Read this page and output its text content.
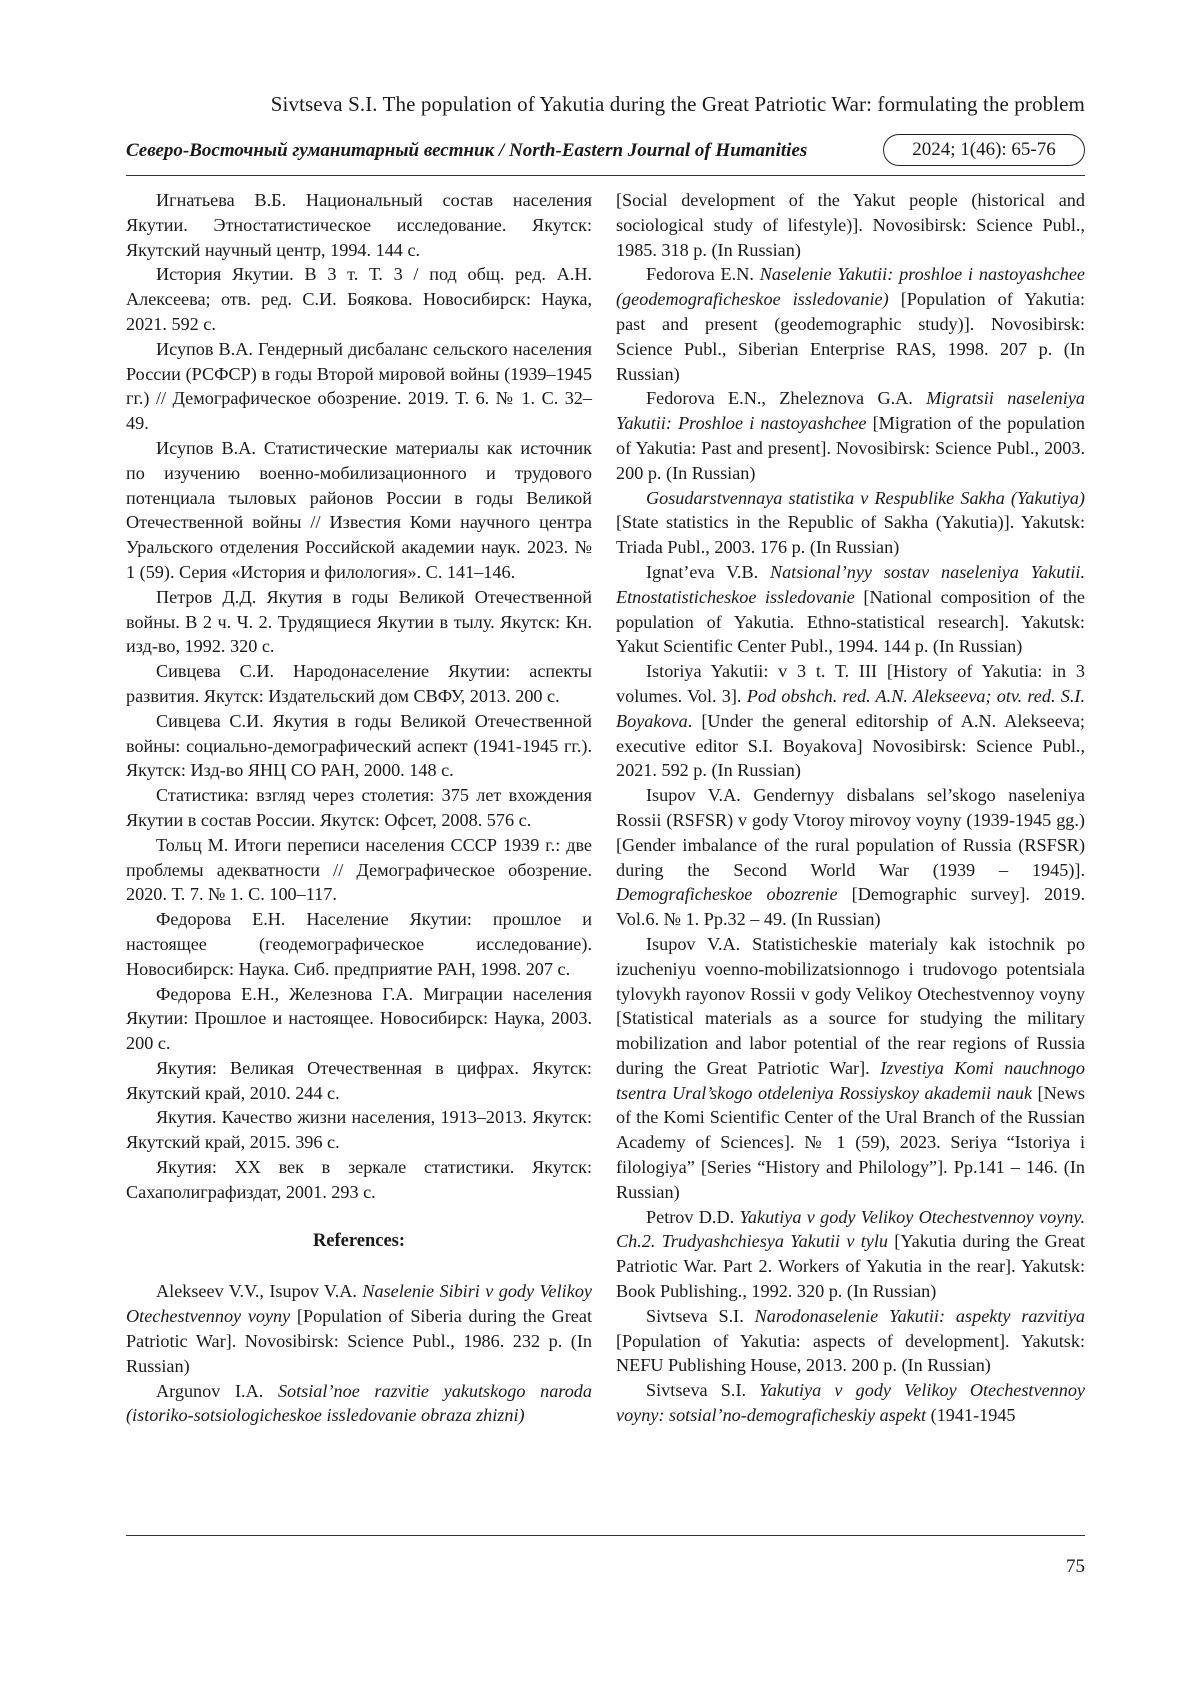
Sivtseva S.I. The population of Yakutia during the Great Patriotic War: formulating the problem
Северо-Восточный гуманитарный вестник / North-Eastern Journal of Humanities	2024; 1(46): 65-76

Игнатьева В.Б. Национальный состав населения Якутии. Этностатистическое исследование. Якутск: Якутский научный центр, 1994. 144 с.

История Якутии. В 3 т. Т. 3 / под общ. ред. А.Н. Алексеева; отв. ред. С.И. Боякова. Новосибирск: Наука, 2021. 592 с.

Исупов В.А. Гендерный дисбаланс сельского населения России (РСФСР) в годы Второй мировой войны (1939–1945 гг.) // Демографическое обозрение. 2019. Т. 6. № 1. С. 32–49.

Исупов В.А. Статистические материалы как источник по изучению военно-мобилизационного и трудового потенциала тыловых районов России в годы Великой Отечественной войны // Известия Коми научного центра Уральского отделения Российской академии наук. 2023. № 1 (59). Серия «История и филология». С. 141–146.

Петров Д.Д. Якутия в годы Великой Отечественной войны. В 2 ч. Ч. 2. Трудящиеся Якутии в тылу. Якутск: Кн. изд-во, 1992. 320 с.

Сивцева С.И. Народонаселение Якутии: аспекты развития. Якутск: Издательский дом СВФУ, 2013. 200 с.

Сивцева С.И. Якутия в годы Великой Отечественной войны: социально-демографический аспект (1941-1945 гг.). Якутск: Изд-во ЯНЦ СО РАН, 2000. 148 с.

Статистика: взгляд через столетия: 375 лет вхождения Якутии в состав России. Якутск: Офсет, 2008. 576 с.

Тольц М. Итоги переписи населения СССР 1939 г.: две проблемы адекватности // Демографическое обозрение. 2020. Т. 7. № 1. С. 100–117.

Федорова Е.Н. Население Якутии: прошлое и настоящее (геодемографическое исследование). Новосибирск: Наука. Сиб. предприятие РАН, 1998. 207 с.

Федорова Е.Н., Железнова Г.А. Миграции населения Якутии: Прошлое и настоящее. Новосибирск: Наука, 2003. 200 с.

Якутия: Великая Отечественная в цифрах. Якутск: Якутский край, 2010. 244 с.

Якутия. Качество жизни населения, 1913–2013. Якутск: Якутский край, 2015. 396 с.

Якутия: XX век в зеркале статистики. Якутск: Сахаполиграфиздат, 2001. 293 с.

References:

Alekseev V.V., Isupov V.A. Naselenie Sibiri v gody Velikoy Otechestvennoy voyny [Population of Siberia during the Great Patriotic War]. Novosibirsk: Science Publ., 1986. 232 p. (In Russian)

Argunov I.A. Sotsial’noe razvitie yakutskogo naroda (istoriko-sotsiologicheskoe issledovanie obraza zhizni)

[Social development of the Yakut people (historical and sociological study of lifestyle)]. Novosibirsk: Science Publ., 1985. 318 p. (In Russian)

Fedorova E.N. Naselenie Yakutii: proshloe i nastoyashchee (geodemograficheskoe issledovanie) [Population of Yakutia: past and present (geodemographic study)]. Novosibirsk: Science Publ., Siberian Enterprise RAS, 1998. 207 p. (In Russian)

Fedorova E.N., Zheleznova G.A. Migratsii naseleniya Yakutii: Proshloe i nastoyashchee [Migration of the population of Yakutia: Past and present]. Novosibirsk: Science Publ., 2003. 200 p. (In Russian)

Gosudarstvennaya statistika v Respublike Sakha (Yakutiya) [State statistics in the Republic of Sakha (Yakutia)]. Yakutsk: Triada Publ., 2003. 176 p. (In Russian)

Ignat’eva V.B. Natsional’nyy sostav naseleniya Yakutii. Etnostatisticheskoe issledovanie [National composition of the population of Yakutia. Ethno-statistical research]. Yakutsk: Yakut Scientific Center Publ., 1994. 144 p. (In Russian)

Istoriya Yakutii: v 3 t. T. III [History of Yakutia: in 3 volumes. Vol. 3]. Pod obshch. red. A.N. Alekseeva; otv. red. S.I. Boyakova. [Under the general editorship of A.N. Alekseeva; executive editor S.I. Boyakova] Novosibirsk: Science Publ., 2021. 592 p. (In Russian)

Isupov V.A. Gendernyy disbalans sel’skogo naseleniya Rossii (RSFSR) v gody Vtoroy mirovoy voyny (1939-1945 gg.) [Gender imbalance of the rural population of Russia (RSFSR) during the Second World War (1939 – 1945)]. Demograficheskoe obozrenie [Demographic survey]. 2019. Vol.6. № 1. Pp.32 – 49. (In Russian)

Isupov V.A. Statisticheskie materialy kak istochnik po izucheniyu voenno-mobilizatsionnogo i trudovogo potentsiala tylovykh rayonov Rossii v gody Velikoy Otechestvennoy voyny [Statistical materials as a source for studying the military mobilization and labor potential of the rear regions of Russia during the Great Patriotic War]. Izvestiya Komi nauchnogo tsentra Ural’skogo otdeleniya Rossiyskoy akademii nauk [News of the Komi Scientific Center of the Ural Branch of the Russian Academy of Sciences]. № 1 (59), 2023. Seriya “Istoriya i filologiya” [Series “History and Philology”]. Pp.141 – 146. (In Russian)

Petrov D.D. Yakutiya v gody Velikoy Otechestvennoy voyny. Ch.2. Trudyashchiesya Yakutii v tylu [Yakutia during the Great Patriotic War. Part 2. Workers of Yakutia in the rear]. Yakutsk: Book Publishing., 1992. 320 p. (In Russian)

Sivtseva S.I. Narodonaselenie Yakutii: aspekty razvitiya [Population of Yakutia: aspects of development]. Yakutsk: NEFU Publishing House, 2013. 200 p. (In Russian)

Sivtseva S.I. Yakutiya v gody Velikoy Otechestvennoy voyny: sotsial’no-demograficheskiy aspekt (1941-1945

75
